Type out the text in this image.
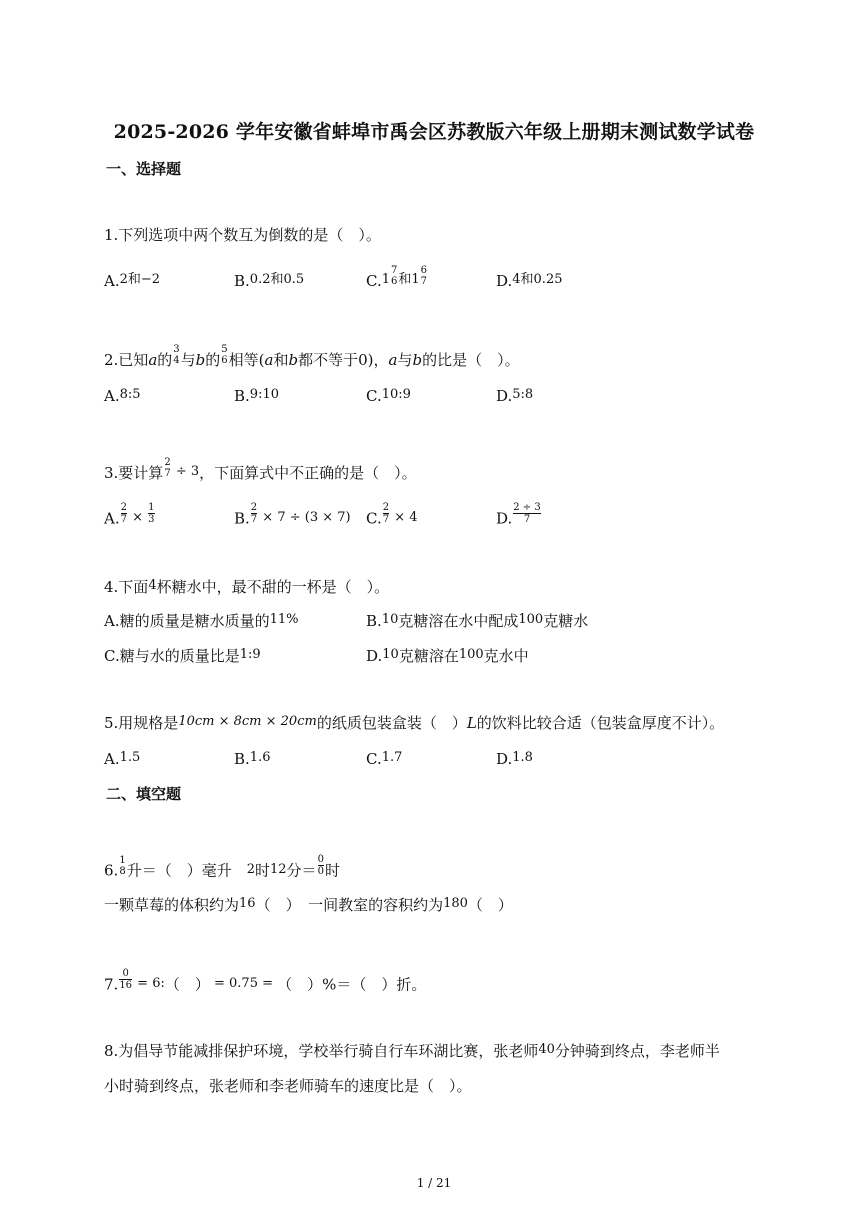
2025-2026 学年安徽省蚌埠市禹会区苏教版六年级上册期末测试数学试卷
一、选择题
1.下列选项中两个数互为倒数的是（　）。
A.2和−2	B.0.2和0.5	C.1
7
6 和1
6
7	D.4和0.25
2.已知a的
3
4 与b的
5
6 相等(a和b都不等于0)，a与b的比是（　）。
A.8:5	B.9:10	C.10:9	D.5:8
3.要计算
2
7 ÷ 3，下面算式中不正确的是（　）。
A. $\frac{2}{7} \times \frac{1}{3}$	B. $\frac{2}{7} \times 7 \div (3 \times 7)$ C. $\frac{2}{7} \times 4$	D. $\frac{2 \div 3}{7}$
4.下面4杯糖水中，最不甜的一杯是（　）。
A.糖的质量是糖水质量的11%	B.10克糖溶在水中配成100克糖水
C.糖与水的质量比是1:9	D.10克糖溶在100克水中
5.用规格是10cm × 8cm × 20cm的纸质包装盒装（　）L的饮料比较合适（包装盒厚度不计）。
A.1.5	B.1.6	C.1.7	D.1.8
二、填空题
6.
1
8 升＝（　）毫升　2时12分＝ $\frac{0}{0}$ 时
一颗草莓的体积约为16（　）　一间教室的容积约为180（　）
7. $\frac{0}{16}$ = 6:（　） = 0.75 = （　）%＝（　）折。
8.为倡导节能减排保护环境，学校举行骑自行车环湖比赛，张老师40分钟骑到终点，李老师半
小时骑到终点，张老师和李老师骑车的速度比是（　）。
1 / 21
